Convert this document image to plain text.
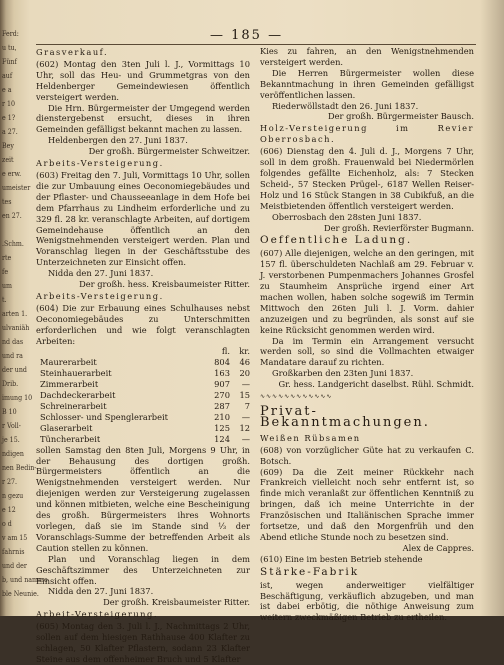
Ferd:
u tu,
Fünf
auf
e a
r 10
e 1?
a 27.
Bey
zeit
e erw.
umeister
tes
en 27.
.Schm.
rte
fe
um
t.
arten 1.
ulvaniäh
nd das
und ra
der und
Drib.
imung 10
B 10
r Voll-
je 15.
ndigen
nen Bedin-
r 27.
n gezu
e 12
o d
v am 15
fahrnis
und der
b, und namme
ble Neunie.
— 185 —

Grasverkauf.

(602) Montag den 3ten Juli l. J., Vormittags 10 Uhr, soll das Heu- und Grummetgras von den Heldenberger Gemeindewiesen öffentlich versteigert werden.

Die Hrn. Bürgermeister der Umgegend werden dienstergebenst ersucht, dieses in ihren Gemeinden gefälligst bekannt machen zu lassen.

Heldenbergen den 27. Juni 1837.

Der großh. Bürgermeister Schweitzer.

Arbeits-Versteigerung.

(603) Freitag den 7. Juli, Vormittags 10 Uhr, sollen die zur Umbauung eines Oeconomiegebäudes und der Pflaster- und Chausseeanlage in dem Hofe bei dem Pfarrhaus zu Lindheim erforderliche und zu 329 fl. 28 kr. veranschlagte Arbeiten, auf dortigem Gemeindehause öffentlich an den Wenigstnehmenden versteigert werden. Plan und Voranschlag liegen in der Geschäftsstube des Unterzeichneten zur Einsicht offen.

Nidda den 27. Juni 1837.

Der großh. hess. Kreisbaumeister Ritter.

Arbeits-Versteigerung.

(604) Die zur Erbauung eines Schulhauses nebst Oeconomiegebäudes zu Unterschmitten erforderlichen und wie folgt veranschlagten Arbeiten:

fl.	kr.
Maurerarbeit	804	46
Steinhauerarbeit	163	20
Zimmerarbeit	907	—
Dachdeckerarbeit	270	15
Schreinerarbeit	287	7
Schlosser- und Spenglerarbeit	210	—
Glaserarbeit	125	12
Tüncherarbeit	124	—

sollen Samstag den 8ten Juli, Morgens 9 Uhr, in der Behausung des dortigen großh. Bürgermeisters öffentlich an die Wenigstnehmenden versteigert werden. Nur diejenigen werden zur Versteigerung zugelassen und können mitbieten, welche eine Bescheinigung des großh. Bürgermeisters ihres Wohnorts vorlegen, daß sie im Stande sind ⅓ der Voranschlags-Summe der betreffenden Arbeit als Caution stellen zu können.

Plan und Voranschlag liegen in dem Geschäftszimmer des Unterzeichneten zur Einsicht offen.

Nidda den 27. Juni 1837.

Der großh. Kreisbaumeister Ritter.

Arbeit-Versteigerung.

(605) Montag den 3. Juli l. J., Nachmittags 2 Uhr, sollen auf dem hiesigen Rathhause 400 Klafter zu schlagen, 50 Klafter Pflastern, sodann 23 Klafter Steine aus dem offenheimer Bruch und 5 Klafter

Kies zu fahren, an den Wenigstnehmenden versteigert werden.

Die Herren Bürgermeister wollen diese Bekanntmachung in ihren Gemeinden gefälligst veröffentlichen lassen.

Riederwöllstadt den 26. Juni 1837.

Der großh. Bürgermeister Bausch.

Holz-Versteigerung im Revier Oberrosbach.

(606) Dienstag den 4. Juli d. J., Morgens 7 Uhr, soll in dem großh. Frauenwald bei Niedermörlen folgendes gefällte Eichenholz, als: 7 Stecken Scheid-, 57 Stecken Prügel-, 6187 Wellen Reiser-Holz und 16 Stück Stangen in 38 Cubikfuß, an die Meistbietenden öffentlich versteigert werden.

Oberrosbach den 28sten Juni 1837.

Der großh. Revierförster Bugmann.

Oeffentliche Ladung.

(607) Alle diejenigen, welche an den geringen, mit 157 fl. überschuldeten Nachlaß am 29. Februar v. J. verstorbenen Pumpenmachers Johannes Grosfel zu Staumheim Ansprüche irgend einer Art machen wollen, haben solche sogewiß im Termin Mittwoch den 26ten Juli l. J. Vorm. dahier anzuzeigen und zu begründen, als sonst auf sie keine Rücksicht genommen werden wird.

Da im Termin ein Arrangement versucht werden soll, so sind die Vollmachten etwaiger Mandatare darauf zu richten.

Großkarben den 23ten Juni 1837.

Gr. hess. Landgericht daselbst. Rühl. Schmidt.

∿∿∿∿∿∿∿∿∿∿∿∿

Privat-Bekanntmachungen.

Weißen Rübsamen

(608) von vorzüglicher Güte hat zu verkaufen C. Botsch.

(609) Da die Zeit meiner Rückkehr nach Frankreich vielleicht noch sehr entfernt ist, so finde mich veranlaßt zur öffentlichen Kenntniß zu bringen, daß ich meine Unterrichte in der Französischen und Italiänischen Sprache immer fortsetze, und daß den Morgenfrüh und den Abend etliche Stunde noch zu besetzen sind.

Alex de Cappres.

(610) Eine im besten Betrieb stehende

Stärke-Fabrik

ist, wegen anderweitiger vielfältiger Beschäftigung, verkäuflich abzugeben, und man ist dabei erbötig, die nöthige Anweisung zum weitern zweckmäßigen Betrieb zu ertheilen.
